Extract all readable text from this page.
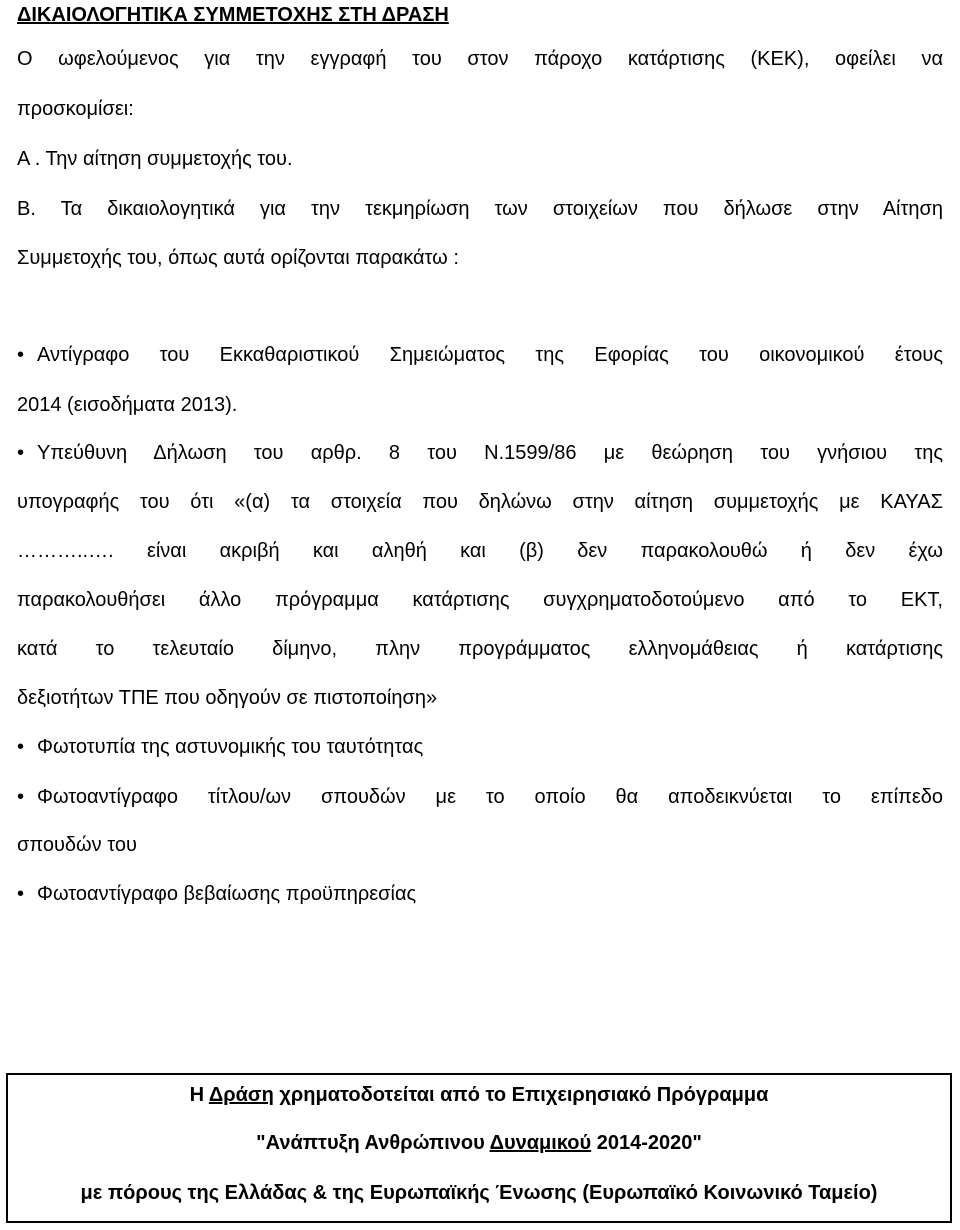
ΔΙΚΑΙΟΛΟΓΗΤΙΚΑ ΣΥΜΜΕΤΟΧΗΣ ΣΤΗ ΔΡΑΣΗ
Ο ωφελούμενος για την εγγραφή του στον πάροχο κατάρτισης (ΚΕΚ), οφείλει να
προσκομίσει:
Α . Την αίτηση συμμετοχής του.
Β. Τα δικαιολογητικά για την τεκμηρίωση των στοιχείων που δήλωσε στην Αίτηση
Συμμετοχής του, όπως αυτά ορίζονται παρακάτω :
• Αντίγραφο του Εκκαθαριστικού Σημειώματος της Εφορίας του οικονομικού έτους
2014 (εισοδήματα 2013).
• Υπεύθυνη Δήλωση του αρθρ. 8 του Ν.1599/86 με θεώρηση του γνήσιου της
υπογραφής του ότι «(α) τα στοιχεία που δηλώνω στην αίτηση συμμετοχής με ΚΑΥΑΣ
………..…. είναι ακριβή και αληθή και (β) δεν παρακολουθώ ή δεν έχω
παρακολουθήσει άλλο πρόγραμμα κατάρτισης συγχρηματοδοτούμενο από το ΕΚΤ,
κατά το τελευταίο δίμηνο, πλην προγράμματος ελληνομάθειας ή κατάρτισης
δεξιοτήτων ΤΠΕ που οδηγούν σε πιστοποίηση»
• Φωτοτυπία της αστυνομικής του ταυτότητας
• Φωτοαντίγραφο τίτλου/ων σπουδών με το οποίο θα αποδεικνύεται το επίπεδο
σπουδών του
• Φωτοαντίγραφο βεβαίωσης προϋπηρεσίας
Η Δράση χρηματοδοτείται από το Επιχειρησιακό Πρόγραμμα
"Ανάπτυξη Ανθρώπινου Δυναμικού 2014-2020"
με πόρους της Ελλάδας & της Ευρωπαϊκής Ένωσης (Ευρωπαϊκό Κοινωνικό Ταμείο)
